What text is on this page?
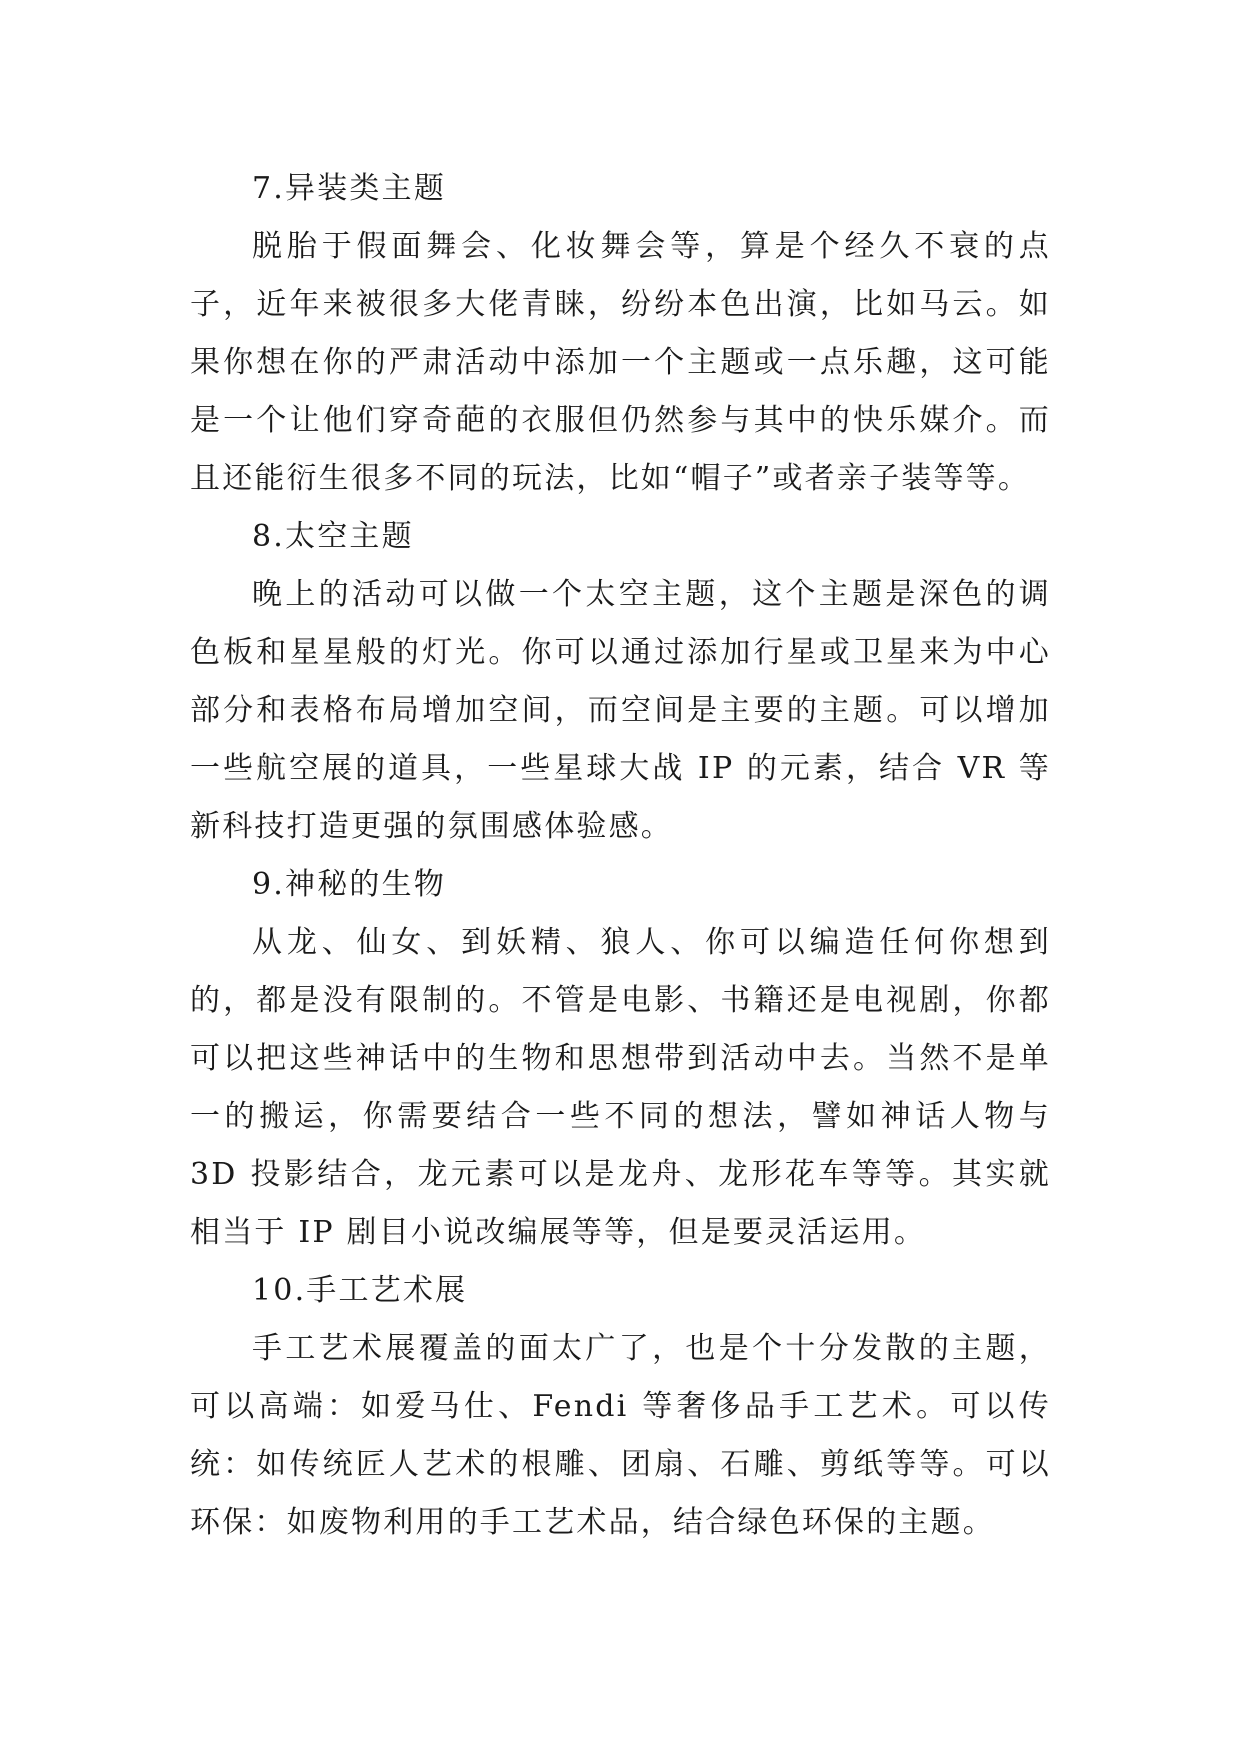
7.异装类主题

脱胎于假面舞会、化妆舞会等，算是个经久不衰的点子，近年来被很多大佬青睐，纷纷本色出演，比如马云。如果你想在你的严肃活动中添加一个主题或一点乐趣，这可能是一个让他们穿奇葩的衣服但仍然参与其中的快乐媒介。而且还能衍生很多不同的玩法，比如“帽子”或者亲子装等等。

8.太空主题

晚上的活动可以做一个太空主题，这个主题是深色的调色板和星星般的灯光。你可以通过添加行星或卫星来为中心部分和表格布局增加空间，而空间是主要的主题。可以增加一些航空展的道具，一些星球大战 IP 的元素，结合 VR 等新科技打造更强的氛围感体验感。

9.神秘的生物

从龙、仙女、到妖精、狼人、你可以编造任何你想到的，都是没有限制的。不管是电影、书籍还是电视剧，你都可以把这些神话中的生物和思想带到活动中去。当然不是单一的搬运，你需要结合一些不同的想法，譬如神话人物与 3D 投影结合，龙元素可以是龙舟、龙形花车等等。其实就相当于 IP 剧目小说改编展等等，但是要灵活运用。

10.手工艺术展

手工艺术展覆盖的面太广了，也是个十分发散的主题，可以高端：如爱马仕、Fendi 等奢侈品手工艺术。可以传统：如传统匠人艺术的根雕、团扇、石雕、剪纸等等。可以环保：如废物利用的手工艺术品，结合绿色环保的主题。
